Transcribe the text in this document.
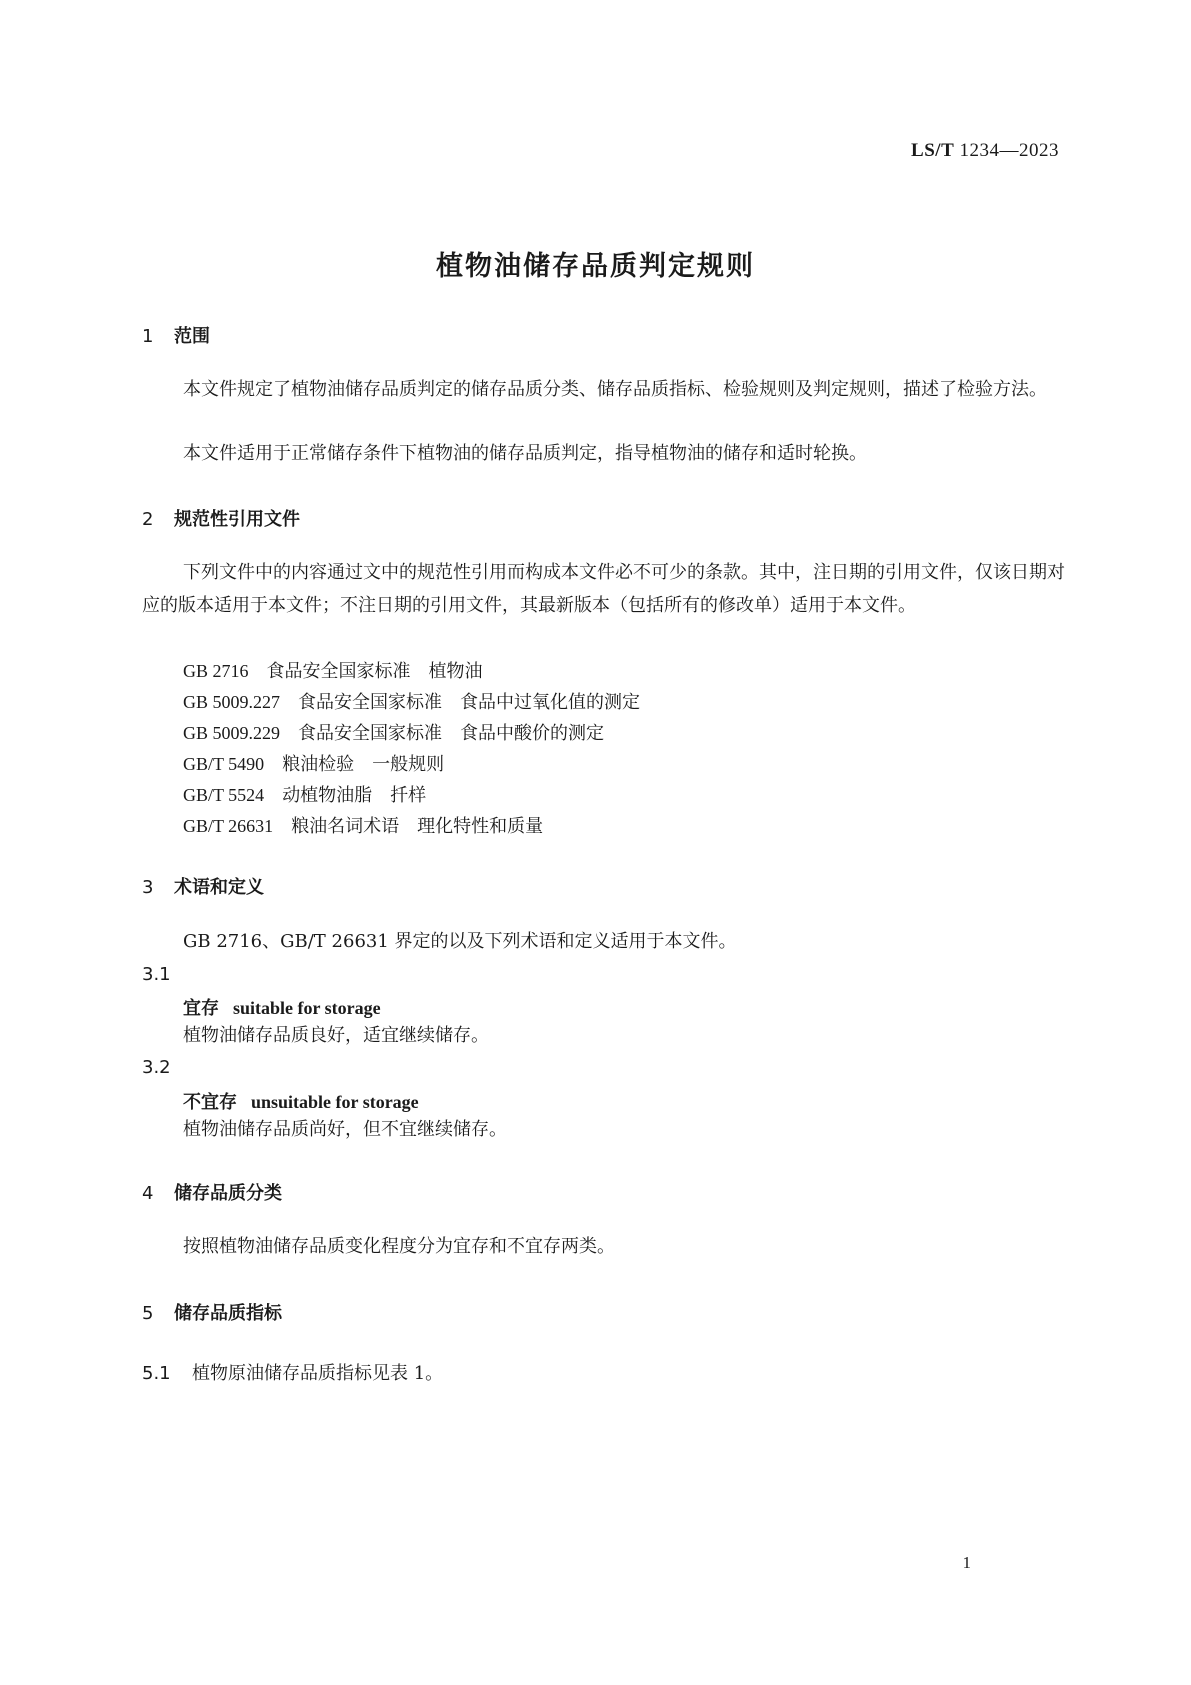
LS/T 1234—2023
植物油储存品质判定规则
1 范围
本文件规定了植物油储存品质判定的储存品质分类、储存品质指标、检验规则及判定规则，描述了检验方法。
本文件适用于正常储存条件下植物油的储存品质判定，指导植物油的储存和适时轮换。
2 规范性引用文件
下列文件中的内容通过文中的规范性引用而构成本文件必不可少的条款。其中，注日期的引用文件，仅该日期对应的版本适用于本文件；不注日期的引用文件，其最新版本（包括所有的修改单）适用于本文件。
GB 2716　 食品安全国家标准　植物油
GB 5009.227　 食品安全国家标准　食品中过氧化值的测定
GB 5009.229　 食品安全国家标准　食品中酸价的测定
GB/T 5490　 粮油检验　一般规则
GB/T 5524　 动植物油脂　扦样
GB/T 26631　 粮油名词术语　理化特性和质量
3 术语和定义
GB 2716、GB/T 26631 界定的以及下列术语和定义适用于本文件。
3.1
宜存 suitable for storage
植物油储存品质良好，适宜继续储存。
3.2
不宜存 unsuitable for storage
植物油储存品质尚好，但不宜继续储存。
4 储存品质分类
按照植物油储存品质变化程度分为宜存和不宜存两类。
5 储存品质指标
5.1 植物原油储存品质指标见表 1。
1
